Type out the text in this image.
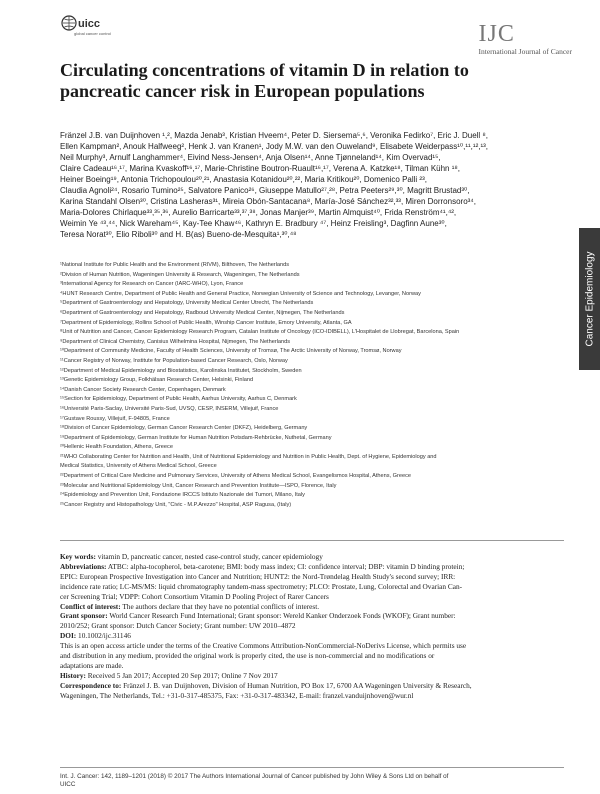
uicc
global cancer control	IJC
International Journal of Cancer
Cancer Epidemiology
Circulating concentrations of vitamin D in relation to pancreatic cancer risk in European populations
Fränzel J.B. van Duijnhoven ¹,², Mazda Jenab³, Kristian Hveem⁴, Peter D. Siersema⁵,⁶, Veronika Fedirko⁷, Eric J. Duell ⁸,
Ellen Kampman², Anouk Halfweeg², Henk J. van Kranen¹, Jody M.W. van den Ouweland⁹, Elisabete Weiderpass¹⁰,¹¹,¹²,¹³,
Neil Murphy³, Arnulf Langhammer⁴, Eivind Ness-Jensen⁴, Anja Olsen¹⁴, Anne Tjønneland¹⁴, Kim Overvad¹⁵,
Claire Cadeau¹⁶,¹⁷, Marina Kvaskoff¹⁶,¹⁷, Marie-Christine Boutron-Ruault¹⁶,¹⁷, Verena A. Katzke¹⁸, Tilman Kühn ¹⁸,
Heiner Boeing¹⁹, Antonia Trichopoulou²⁰,²¹, Anastasia Kotanidou²⁰,²², Maria Kritikou²⁰, Domenico Palli ²³,
Claudia Agnoli²⁴, Rosario Tumino²⁵, Salvatore Panico²⁶, Giuseppe Matullo²⁷,²⁸, Petra Peeters²⁹,³⁰, Magritt Brustad³⁰,
Karina Standahl Olsen³⁰, Cristina Lasheras³¹, Mireia Obón-Santacana⁸, María-José Sánchez³²,³³, Miren Dorronsoro³⁴,
Maria-Dolores Chirlaque³³,³⁵,³⁶, Aurelio Barricarte³³,³⁷,³⁸, Jonas Manjer³⁹, Martin Almquist⁴⁰, Frida Renström⁴¹,⁴²,
Weimin Ye ⁴³,⁴⁴, Nick Wareham⁴⁵, Kay-Tee Khaw⁴⁶, Kathryn E. Bradbury ⁴⁷, Heinz Freisling³, Dagfinn Aune³⁰,
Teresa Norat³⁰, Elio Riboli³⁰ and H. B(as) Bueno-de-Mesquita¹,³⁰,⁴⁸
¹National Institute for Public Health and the Environment (RIVM), Bilthoven, The Netherlands
²Division of Human Nutrition, Wageningen University & Research, Wageningen, The Netherlands
³International Agency for Research on Cancer (IARC-WHO), Lyon, France
⁴HUNT Research Centre, Department of Public Health and General Practice, Norwegian University of Science and Technology, Levanger, Norway
⁵Department of Gastroenterology and Hepatology, University Medical Center Utrecht, The Netherlands
⁶Department of Gastroenterology and Hepatology, Radboud University Medical Center, Nijmegen, The Netherlands
⁷Department of Epidemiology, Rollins School of Public Health, Winship Cancer Institute, Emory University, Atlanta, GA
⁸Unit of Nutrition and Cancer, Cancer Epidemiology Research Program, Catalan Institute of Oncology (ICO-IDIBELL), L'Hospitalet de Llobregat, Barcelona, Spain
⁹Department of Clinical Chemistry, Canisius Wilhelmina Hospital, Nijmegen, The Netherlands
¹⁰Department of Community Medicine, Faculty of Health Sciences, University of Tromsø, The Arctic University of Norway, Tromsø, Norway
¹¹Cancer Registry of Norway, Institute for Population-based Cancer Research, Oslo, Norway
¹²Department of Medical Epidemiology and Biostatistics, Karolinska Institutet, Stockholm, Sweden
¹³Genetic Epidemiology Group, Folkhälsan Research Center, Helsinki, Finland
¹⁴Danish Cancer Society Research Center, Copenhagen, Denmark
¹⁵Section for Epidemiology, Department of Public Health, Aarhus University, Aarhus C, Denmark
¹⁶Université Paris-Saclay, Université Paris-Sud, UVSQ, CESP, INSERM, Villejuif, France
¹⁷Gustave Roussy, Villejuif, F-94805, France
¹⁸Division of Cancer Epidemiology, German Cancer Research Center (DKFZ), Heidelberg, Germany
¹⁹Department of Epidemiology, German Institute for Human Nutrition Potsdam-Rehbrücke, Nuthetal, Germany
²⁰Hellenic Health Foundation, Athens, Greece
²¹WHO Collaborating Center for Nutrition and Health, Unit of Nutritional Epidemiology and Nutrition in Public Health, Dept. of Hygiene, Epidemiology and
Medical Statistics, University of Athens Medical School, Greece
²²Department of Critical Care Medicine and Pulmonary Services, University of Athens Medical School, Evangelismos Hospital, Athens, Greece
²³Molecular and Nutritional Epidemiology Unit, Cancer Research and Prevention Institute—ISPO, Florence, Italy
²⁴Epidemiology and Prevention Unit, Fondazione IRCCS Istituto Nazionale dei Tumori, Milano, Italy
²⁵Cancer Registry and Histopathology Unit, "Civic - M.P.Arezzo" Hospital, ASP Ragusa, (Italy)
Key words: vitamin D, pancreatic cancer, nested case-control study, cancer epidemiology
Abbreviations: ATBC: alpha-tocopherol, beta-carotene; BMI: body mass index; CI: confidence interval; DBP: vitamin D binding protein;
EPIC: European Prospective Investigation into Cancer and Nutrition; HUNT2: the Nord-Trøndelag Health Study's second survey; IRR:
incidence rate ratio; LC-MS/MS: liquid chromatography tandem-mass spectrometry; PLCO: Prostate, Lung, Colorectal and Ovarian Can-
cer Screening Trial; VDPP: Cohort Consortium Vitamin D Pooling Project of Rarer Cancers
Conflict of interest: The authors declare that they have no potential conflicts of interest.
Grant sponsor: World Cancer Research Fund International; Grant sponsor: Wereld Kanker Onderzoek Fonds (WKOF); Grant number:
2010/252; Grant sponsor: Dutch Cancer Society; Grant number: UW 2010–4872
DOI: 10.1002/ijc.31146
This is an open access article under the terms of the Creative Commons Attribution-NonCommercial-NoDerivs License, which permits use
and distribution in any medium, provided the original work is properly cited, the use is non-commercial and no modifications or
adaptations are made.
History: Received 5 Jan 2017; Accepted 20 Sep 2017; Online 7 Nov 2017
Correspondence to: Fränzel J. B. van Duijnhoven, Division of Human Nutrition, PO Box 17, 6700 AA Wageningen University & Research,
Wageningen, The Netherlands, Tel.: +31-0-317-485375, Fax: +31-0-317-483342, E-mail: franzel.vanduijnhoven@wur.nl
Int. J. Cancer: 142, 1189–1201 (2018) © 2017 The Authors International Journal of Cancer published by John Wiley & Sons Ltd on behalf of
UICC
